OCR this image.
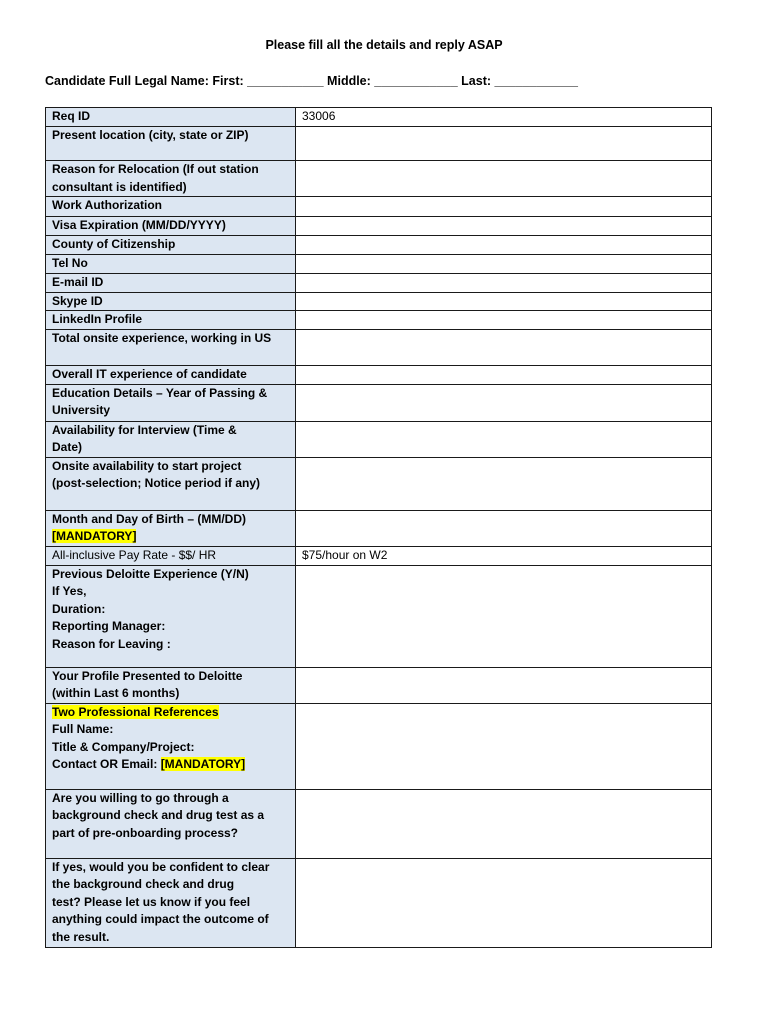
Please fill all the details and reply ASAP
Candidate Full Legal Name: First: ___________ Middle: ____________ Last: ____________
Req ID	33006
Present location (city, state or ZIP)	

Reason for Relocation (If out station
consultant is identified)	

Work Authorization	
Visa Expiration (MM/DD/YYYY)	
County of Citizenship	
Tel No	
E-mail ID	
Skype ID	
LinkedIn Profile	
Total onsite experience, working in US	
Overall IT experience of candidate	

Education Details – Year of Passing &
University	

Availability for Interview (Time &
Date)	

Onsite availability to start project
(post-selection; Notice period if any)	

Month and Day of Birth – (MM/DD)
[MANDATORY]	

All-inclusive Pay Rate - $$/ HR	$75/hour on W2

Previous Deloitte Experience (Y/N)
If Yes,
Duration:
Reporting Manager:
Reason for Leaving :	

Your Profile Presented to Deloitte
(within Last 6 months)	

Two Professional References
Full Name:
Title & Company/Project:
Contact OR Email: [MANDATORY]	

Are you willing to go through a
background check and drug test as a
part of pre-onboarding process?	

If yes, would you be confident to clear
the background check and drug
test? Please let us know if you feel
anything could impact the outcome of
the result.	
